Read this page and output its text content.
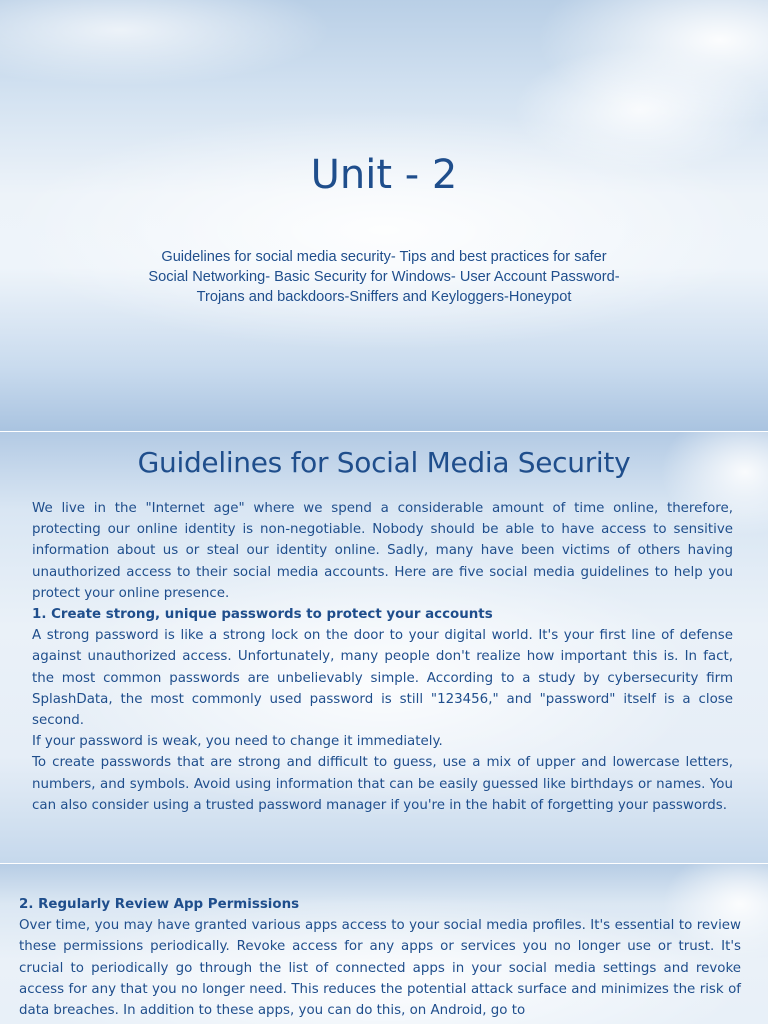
Unit - 2
Guidelines for social media security- Tips and best practices for safer
Social Networking- Basic Security for Windows- User Account Password-
Trojans and backdoors-Sniffers and Keyloggers-Honeypot
Guidelines for Social Media Security

We live in the "Internet age" where we spend a considerable amount of time online, therefore, protecting our online identity is non-negotiable. Nobody should be able to have access to sensitive information about us or steal our identity online. Sadly, many have been victims of others having unauthorized access to their social media accounts. Here are five social media guidelines to help you protect your online presence.

1. Create strong, unique passwords to protect your accounts

A strong password is like a strong lock on the door to your digital world. It's your first line of defense against unauthorized access. Unfortunately, many people don't realize how important this is. In fact, the most common passwords are unbelievably simple. According to a study by cybersecurity firm SplashData, the most commonly used password is still "123456," and "password" itself is a close second.

If your password is weak, you need to change it immediately.

To create passwords that are strong and difficult to guess, use a mix of upper and lowercase letters, numbers, and symbols. Avoid using information that can be easily guessed like birthdays or names. You can also consider using a trusted password manager if you're in the habit of forgetting your passwords.

2. Regularly Review App Permissions

Over time, you may have granted various apps access to your social media profiles. It's essential to review these permissions periodically. Revoke access for any apps or services you no longer use or trust. It's crucial to periodically go through the list of connected apps in your social media settings and revoke access for any that you no longer need. This reduces the potential attack surface and minimizes the risk of data breaches. In addition to these apps, you can do this, on Android, go to
